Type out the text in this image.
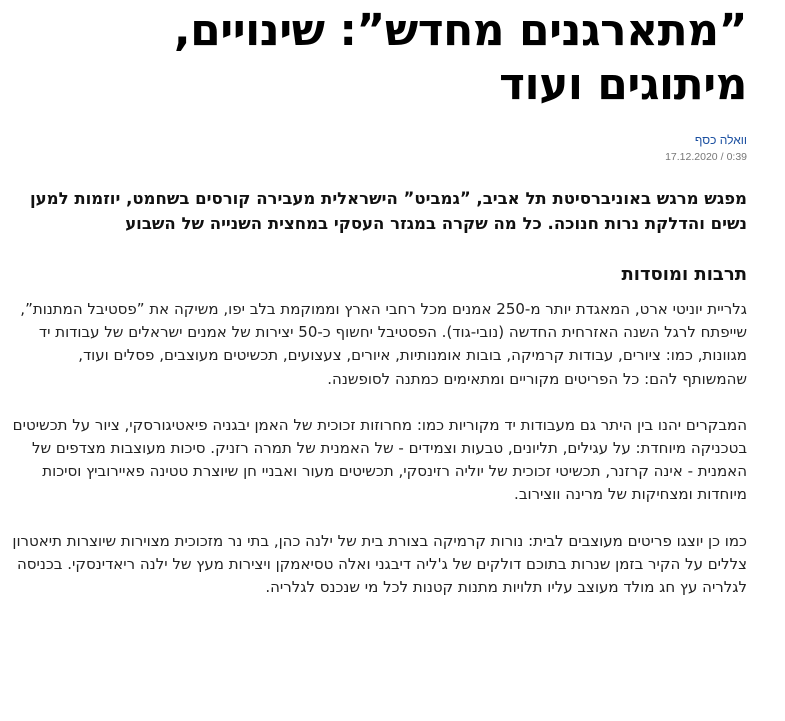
”מתארגנים מחדש”: שינויים, מיתוגים ועוד
וואלה כסף
17.12.2020 / 0:39

מפגש מרגש באוניברסיטת תל אביב, ”גמביט” הישראלית מעבירה קורסים בשחמט, יוזמות למען נשים והדלקת נרות חנוכה. כל מה שקרה במגזר העסקי במחצית השנייה של השבוע

תרבות ומוסדות

גלריית יוניטי ארט, המאגדת יותר מ-250 אמנים מכל רחבי הארץ וממוקמת בלב יפו, משיקה את ”פסטיבל המתנות”, שייפתח לרגל השנה האזרחית החדשה (נובי-גוד). הפסטיבל יחשוף כ-50 יצירות של אמנים ישראלים של עבודות יד מגוונות, כמו: ציורים, עבודות קרמיקה, בובות אומנותיות, איורים, צעצועים, תכשיטים מעוצבים, פסלים ועוד, שהמשותף להם: כל הפריטים מקוריים ומתאימים כמתנה לסופשנה.

המבקרים יהנו בין היתר גם מעבודות יד מקוריות כמו: מחרוזות זכוכית של האמן יבגניה פיאטיגורסקי, ציור על תכשיטים בטכניקה מיוחדת: על עגילים, תליונים, טבעות וצמידים - של האמנית של תמרה רזניק. סיכות מעוצבות מצדפים של האמנית - אינה קרזנר, תכשיטי זכוכית של יוליה רזינסקי, תכשיטים מעור ואבניי חן שיוצרת טטינה פאיירוביץ וסיכות מיוחדות ומצחיקות של מרינה ווצירוב.

כמו כן יוצגו פריטים מעוצבים לבית: נורות קרמיקה בצורת בית של ילנה כהן, בתי נר מזכוכית מצוירות שיוצרות תיאטרון צללים על הקיר בזמן שנרות בתוכם דולקים של ג'ליה דיבגני ואלה טסיאמקן ויצירות מעץ של ילנה ריאדינסקי. בכניסה לגלריה עץ חג מולד מעוצב עליו תלויות מתנות קטנות לכל מי שנכנס לגלריה.
